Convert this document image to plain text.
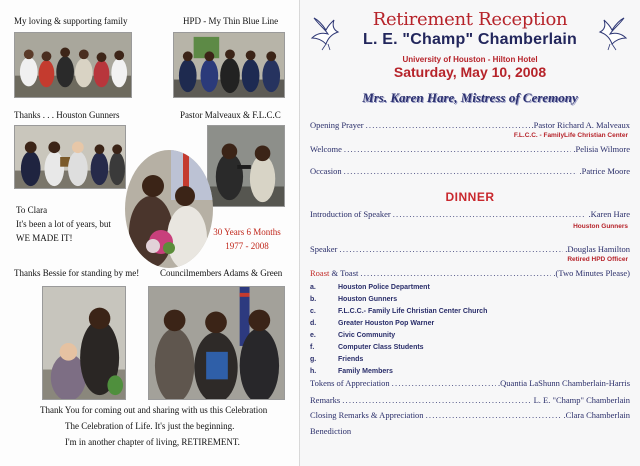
My loving & supporting family	HPD - My Thin Blue Line
Thanks . . . Houston Gunners	Pastor Malveaux & F.L.C.C
To Clara
It's been a lot of years, but
WE MADE IT!
30 Years 6 Months
1977 - 2008
Thanks Bessie for standing by me! Councilmembers Adams & Green
Thank You for coming out and sharing with us this Celebration
The Celebration of Life. It's just the beginning.
I'm in another chapter of living, RETIREMENT.
Retirement Reception
L. E. "Champ" Chamberlain
University of Houston - Hilton Hotel
Saturday, May 10, 2008
Mrs. Karen Hare, Mistress of Ceremony
Opening Prayer .....	.Pastor Richard A. Malveaux
F.L.C.C. - FamilyLife Christian Center
Welcome .....	.Pelisia Wilmore
Occasion .....	.Patrice Moore
DINNER
Introduction of Speaker .....	.Karen Hare
Houston Gunners
Speaker .....	.Douglas Hamilton
Retired HPD Officer
Roast & Toast .....	.(Two Minutes Please)
a.	Houston Police Department
b.	Houston Gunners
c.	F.L.C.C.- Family Life Christian Center Church
d.	Greater Houston Pop Warner
e.	Civic Community
f.	Computer Class Students
g.	Friends
h.	Family Members
Tokens of Appreciation .....	.Quantia LaShunn Chamberlain-Harris
Remarks .....	L. E. "Champ" Chamberlain
Closing Remarks & Appreciation .....	.Clara Chamberlain
Benediction
